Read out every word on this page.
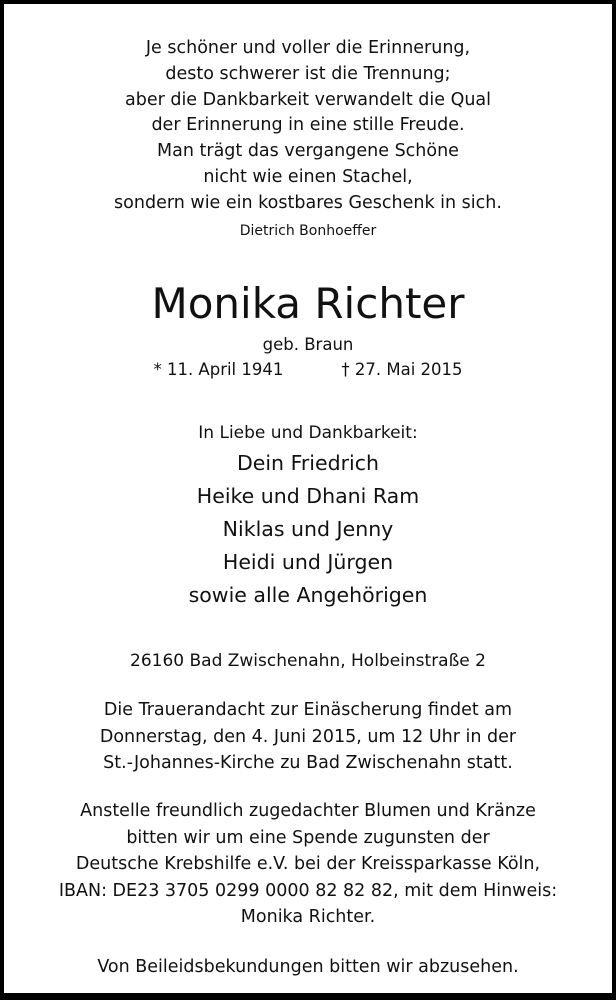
Je schöner und voller die Erinnerung,
desto schwerer ist die Trennung;
aber die Dankbarkeit verwandelt die Qual
der Erinnerung in eine stille Freude.
Man trägt das vergangene Schöne
nicht wie einen Stachel,
sondern wie ein kostbares Geschenk in sich.
Dietrich Bonhoeffer
Monika Richter
geb. Braun
* 11. April 1941	† 27. Mai 2015
In Liebe und Dankbarkeit:
Dein Friedrich
Heike und Dhani Ram
Niklas und Jenny
Heidi und Jürgen
sowie alle Angehörigen
26160 Bad Zwischenahn, Holbeinstraße 2
Die Trauerandacht zur Einäscherung findet am
Donnerstag, den 4. Juni 2015, um 12 Uhr in der
St.-Johannes-Kirche zu Bad Zwischenahn statt.
Anstelle freundlich zugedachter Blumen und Kränze
bitten wir um eine Spende zugunsten der
Deutsche Krebshilfe e.V. bei der Kreissparkasse Köln,
IBAN: DE23 3705 0299 0000 82 82 82, mit dem Hinweis:
Monika Richter.
Von Beileidsbekundungen bitten wir abzusehen.
